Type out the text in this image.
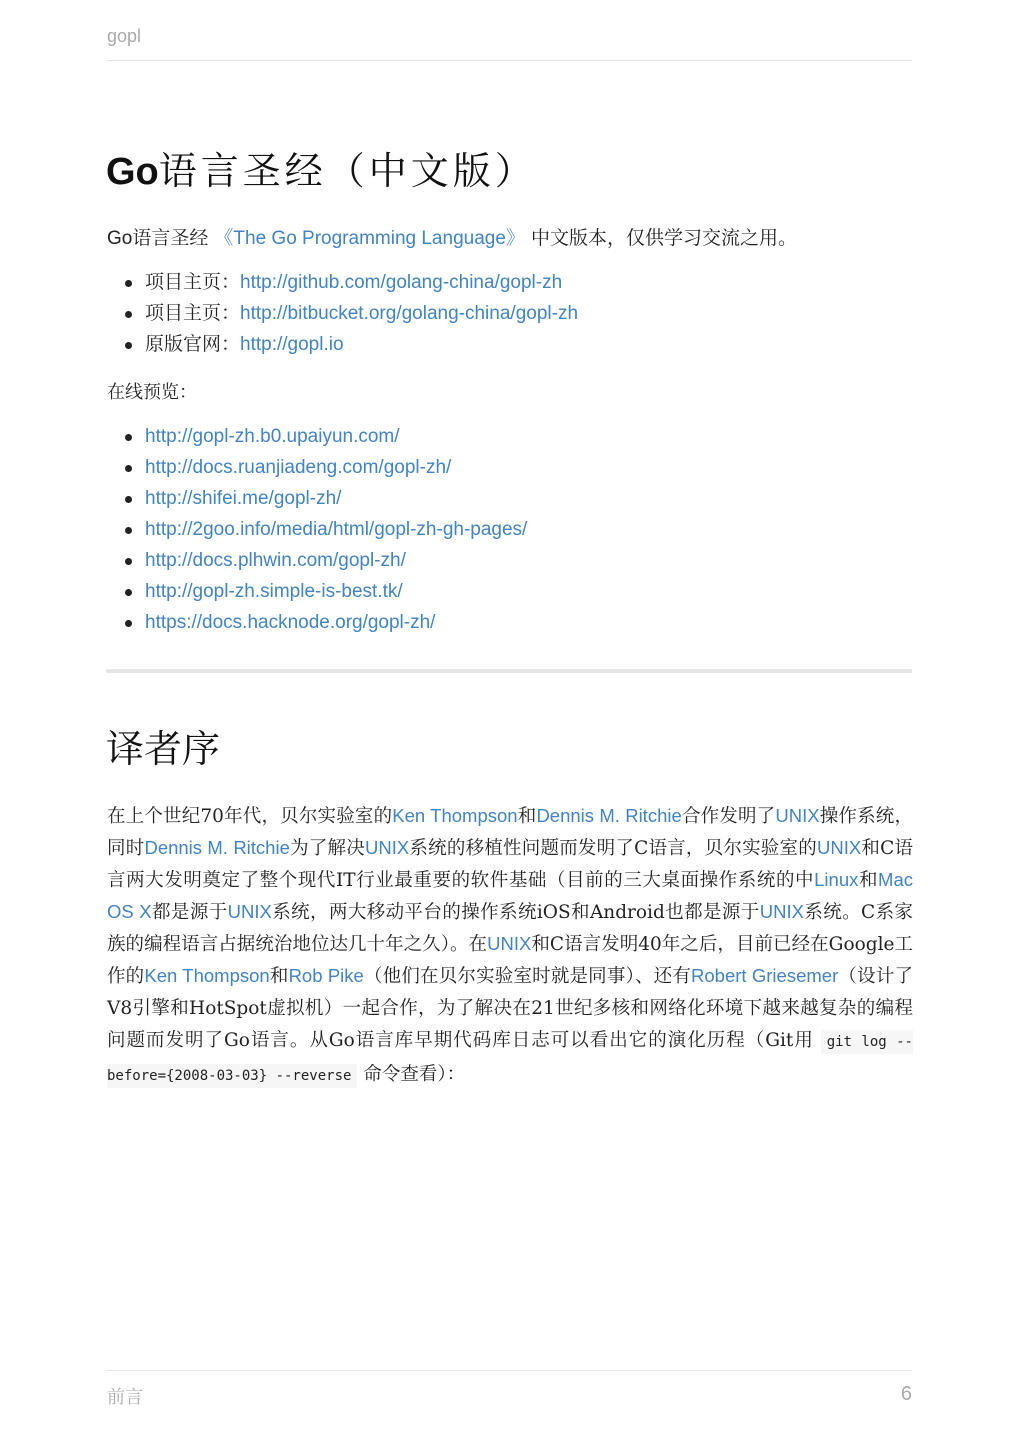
gopl
Go语言圣经（中文版）
Go语言圣经 《The Go Programming Language》 中文版本，仅供学习交流之用。
项目主页：http://github.com/golang-china/gopl-zh
项目主页：http://bitbucket.org/golang-china/gopl-zh
原版官网：http://gopl.io
在线预览：
http://gopl-zh.b0.upaiyun.com/
http://docs.ruanjiadeng.com/gopl-zh/
http://shifei.me/gopl-zh/
http://2goo.info/media/html/gopl-zh-gh-pages/
http://docs.plhwin.com/gopl-zh/
http://gopl-zh.simple-is-best.tk/
https://docs.hacknode.org/gopl-zh/
译者序
在上个世纪70年代，贝尔实验室的Ken Thompson和Dennis M. Ritchie合作发明了UNIX操作系统，同时Dennis M. Ritchie为了解决UNIX系统的移植性问题而发明了C语言，贝尔实验室的UNIX和C语言两大发明奠定了整个现代IT行业最重要的软件基础（目前的三大桌面操作系统的中Linux和Mac OS X都是源于UNIX系统，两大移动平台的操作系统iOS和Android也都是源于UNIX系统。C系家族的编程语言占据统治地位达几十年之久）。在UNIX和C语言发明40年之后，目前已经在Google工作的Ken Thompson和Rob Pike（他们在贝尔实验室时就是同事）、还有Robert Griesemer（设计了V8引擎和HotSpot虚拟机）一起合作，为了解决在21世纪多核和网络化环境下越来越复杂的编程问题而发明了Go语言。从Go语言库早期代码库日志可以看出它的演化历程（Git用 git log --before={2008-03-03} --reverse 命令查看）：
前言	6
